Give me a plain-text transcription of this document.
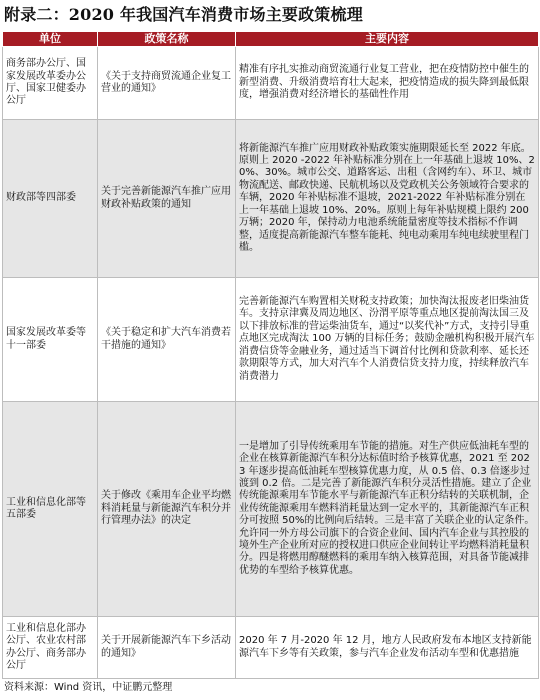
附录二：2020 年我国汽车消费市场主要政策梳理
单位	政策名称	主要内容
商务部办公厅、国家发展改革委办公厅、国家卫健委办公厅	《关于支持商贸流通企业复工营业的通知》	精准有序扎实推动商贸流通行业复工营业，把在疫情防控中催生的新型消费、升级消费培育壮大起来，把疫情造成的损失降到最低限度，增强消费对经济增长的基础性作用
财政部等四部委	关于完善新能源汽车推广应用财政补贴政策的通知	将新能源汽车推广应用财政补贴政策实施期限延长至 2022 年底。原则上 2020 -2022 年补贴标准分别在上一年基础上退坡 10%、20%、30%。城市公交、道路客运、出租（含网约车）、环卫、城市物流配送、邮政快递、民航机场以及党政机关公务领域符合要求的车辆，2020 年补贴标准不退坡，2021-2022 年补贴标准分别在上一年基础上退坡 10%、20%。原则上每年补贴规模上限约 200 万辆；2020 年，保持动力电池系统能量密度等技术指标不作调整，适度提高新能源汽车整车能耗、纯电动乘用车纯电续驶里程门槛。
国家发展改革委等十一部委	《关于稳定和扩大汽车消费若干措施的通知》	完善新能源汽车购置相关财税支持政策；加快淘汰报废老旧柴油货车。支持京津冀及周边地区、汾渭平原等重点地区提前淘汰国三及以下排放标准的营运柴油货车，通过“以奖代补”方式，支持引导重点地区完成淘汰 100 万辆的目标任务；鼓励金融机构积极开展汽车消费信贷等金融业务，通过适当下调首付比例和贷款利率、延长还款期限等方式，加大对汽车个人消费信贷支持力度，持续释放汽车消费潜力
工业和信息化部等五部委	关于修改《乘用车企业平均燃料消耗量与新能源汽车积分并行管理办法》的决定	一是增加了引导传统乘用车节能的措施。对生产供应低油耗车型的企业在核算新能源汽车积分达标值时给予核算优惠，2021 至 2023 年逐步提高低油耗车型核算优惠力度，从 0.5 倍、0.3 倍逐步过渡到 0.2 倍。二是完善了新能源汽车积分灵活性措施。建立了企业传统能源乘用车节能水平与新能源汽车正积分结转的关联机制，企业传统能源乘用车燃料消耗量达到一定水平的，其新能源汽车正积分可按照 50%的比例向后结转。三是丰富了关联企业的认定条件。允许同一外方母公司旗下的合资企业间、国内汽车企业与其控股的境外生产企业所对应的授权进口供应企业间转让平均燃料消耗量积分。四是将燃用醇醚燃料的乘用车纳入核算范围，对具备节能减排优势的车型给予核算优惠。
工业和信息化部办公厅、农业农村部办公厅、商务部办公厅	关于开展新能源汽车下乡活动的通知》	2020 年 7 月-2020 年 12 月，地方人民政府发布本地区支持新能源汽车下乡等有关政策，参与汽车企业发布活动车型和优惠措施
资料来源：Wind 资讯，中证鹏元整理
